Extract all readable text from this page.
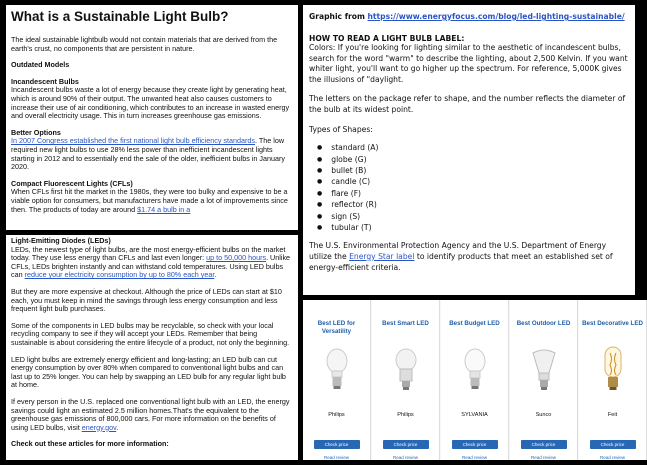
What is a Sustainable Light Bulb?

The ideal sustainable lightbulb would not contain materials that are derived from the earth's crust, no components that are persistent in nature.

Outdated Models

Incandescent Bulbs

Incandescent bulbs waste a lot of energy because they create light by generating heat, which is around 90% of their output. The unwanted heat also causes customers to increase their use of air conditioning, which contributes to an increase in wasted energy and overall electricity usage. This in turn increases greenhouse gas emissions.

Better Options

In 2007 Congress established the first national light bulb efficiency standards. The low required new light bulbs to use 28% less power than inefficient incandescent lights starting in 2012 and to essentially end the sale of the older, inefficient bulbs in January 2020.

Compact Fluorescent Lights (CFLs)

When CFLs first hit the market in the 1980s, they were too bulky and expensive to be a viable option for consumers, but manufacturers have made a lot of improvements since then. The products of today are around $1.74 a bulb in a

Light-Emitting Diodes (LEDs)

LEDs, the newest type of light bulbs, are the most energy-efficient bulbs on the market today. They use less energy than CFLs and last even longer: up to 50,000 hours. Unlike CFLs, LEDs brighten instantly and can withstand cold temperatures. Using LED bulbs can reduce your electricity consumption by up to 80% each year.

But they are more expensive at checkout. Although the price of LEDs can start at $10 each, you must keep in mind the savings through less energy consumption and less frequent light bulb purchases.

Some of the components in LED bulbs may be recyclable, so check with your local recycling company to see if they will accept your LEDs. Remember that being sustainable is about considering the entire lifecycle of a product, not only the beginning.

LED light bulbs are extremely energy efficient and long-lasting; an LED bulb can cut energy consumption by over 80% when compared to conventional light bulbs and can last up to 25% longer. You can help by swapping an LED bulb for any regular light bulb at home.

If every person in the U.S. replaced one conventional light bulb with an LED, the energy savings could light an estimated 2.5 million homes.That's the equivalent to the greenhouse gas emissions of 800,000 cars. For more information on the benefits of using LED bulbs, visit energy.gov.

Check out these articles for more information:

Graphic from https://www.energyfocus.com/blog/led-lighting-sustainable/

HOW TO READ A LIGHT BULB LABEL:

Colors: If you're looking for lighting similar to the aesthetic of incandescent bulbs, search for the word "warm" to describe the lighting, about 2,500 Kelvin. If you want whiter light, you'll want to go higher up the spectrum. For reference, 5,000K gives the illusions of "daylight.

The letters on the package refer to shape, and the number reflects the diameter of the bulb at its widest point.

Types of Shapes:

● standard (A)
● globe (G)
● bullet (B)
● candle (C)
● flare (F)
● reflector (R)
● sign (S)
● tubular (T)

The U.S. Environmental Protection Agency and the U.S. Department of Energy utilize the Energy Star label to identify products that meet an established set of energy-efficient criteria.

Best LED for Versatility
Philips
Check price
Read review
Best Smart LED
Philips
Check price
Read review
Best Budget LED
SYLVANIA
Check price
Read review
Best Outdoor LED
Sunco
Check price
Read review
Best Decorative LED
Feit
Check price
Read review
